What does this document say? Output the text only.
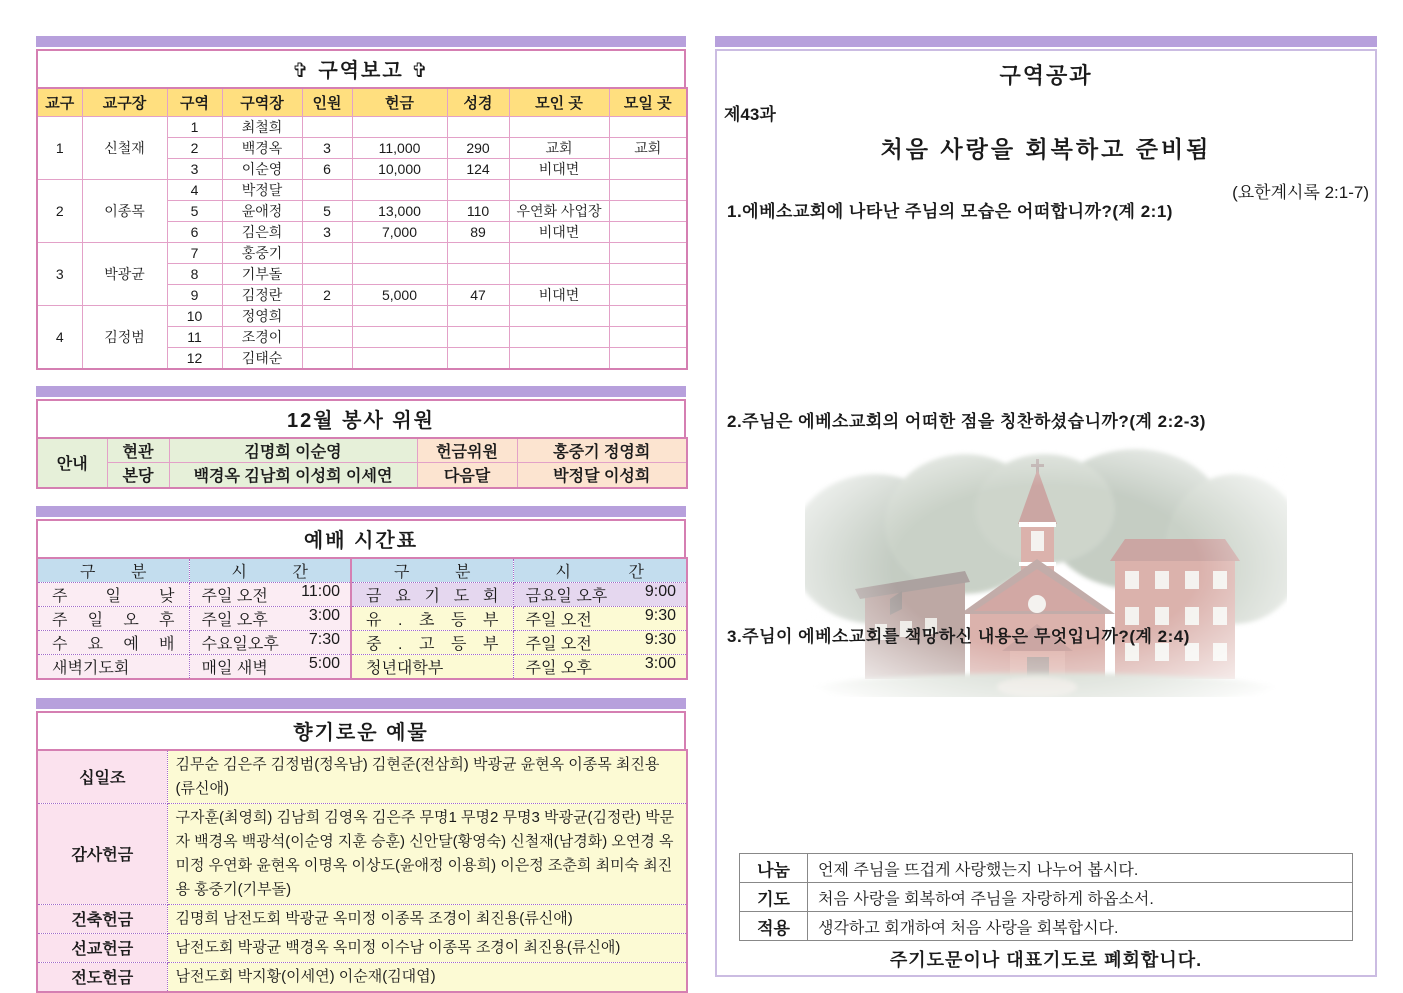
✞ 구역보고 ✞
교구	교구장	구역	구역장	인원	헌금	성경	모인 곳	모일 곳
1	신철재	1	최철희					
		2	백경옥	3	11,000	290	교회	교회
		3	이순영	6	10,000	124	비대면	
2	이종목	4	박정달					
		5	윤애정	5	13,000	110	우연화 사업장	
		6	김은희	3	7,000	89	비대면	
3	박광균	7	홍중기					
		8	기부돌					
		9	김정란	2	5,000	47	비대면	
4	김정범	10	정영희					
		11	조경이					
		12	김태순					
12월 봉사 위원
안내	현관	김명희 이순영	헌금위원	홍중기 정영희
	본당	백경옥 김남희 이성희 이세연	다음달	박정달 이성희
예배 시간표
구 분	시 간	구 분	시 간
주 일 낮	주일 오전 11:00	금 요 기 도 회	금요일 오후 9:00

주 일 오 후	주일 오후 3:00	유 . 초 등 부	주일 오전 9:30

수 요 예 배	수요일오후 7:30	중 . 고 등 부	주일 오전 9:30

새벽기도회	매일 새벽 5:00	청년대학부	주일 오후 3:00
향기로운 예물
십일조	김무순 김은주 김정범(정옥남) 김현준(전삼희) 박광균 윤현옥 이종목 최진용(류신애)
감사헌금	구자훈(최영희) 김남희 김영옥 김은주 무명1 무명2 무명3 박광균(김정란) 박문자 백경옥 백광석(이순영 지훈 승훈) 신안달(황영숙) 신철재(남경화) 오연경 옥미정 우연화 윤현옥 이명옥 이상도(윤애정 이용희) 이은정 조춘희 최미숙 최진용 홍중기(기부돌)
건축헌금	김명희 남전도회 박광균 옥미정 이종목 조경이 최진용(류신애)
선교헌금	남전도회 박광균 백경옥 옥미정 이수남 이종목 조경이 최진용(류신애)
전도헌금	남전도회 박지황(이세연) 이순재(김대엽)
구역공과
제43과
처음 사랑을 회복하고 준비됨
(요한계시록 2:1-7)
1.에베소교회에 나타난 주님의 모습은 어떠합니까?(계 2:1)
2.주님은 에베소교회의 어떠한 점을 칭찬하셨습니까?(계 2:2-3)
3.주님이 에베소교회를 책망하신 내용은 무엇입니까?(계 2:4)
나눔	언제 주님을 뜨겁게 사랑했는지 나누어 봅시다.
기도	처음 사랑을 회복하여 주님을 자랑하게 하옵소서.
적용	생각하고 회개하여 처음 사랑을 회복합시다.
주기도문이나 대표기도로 폐회합니다.
